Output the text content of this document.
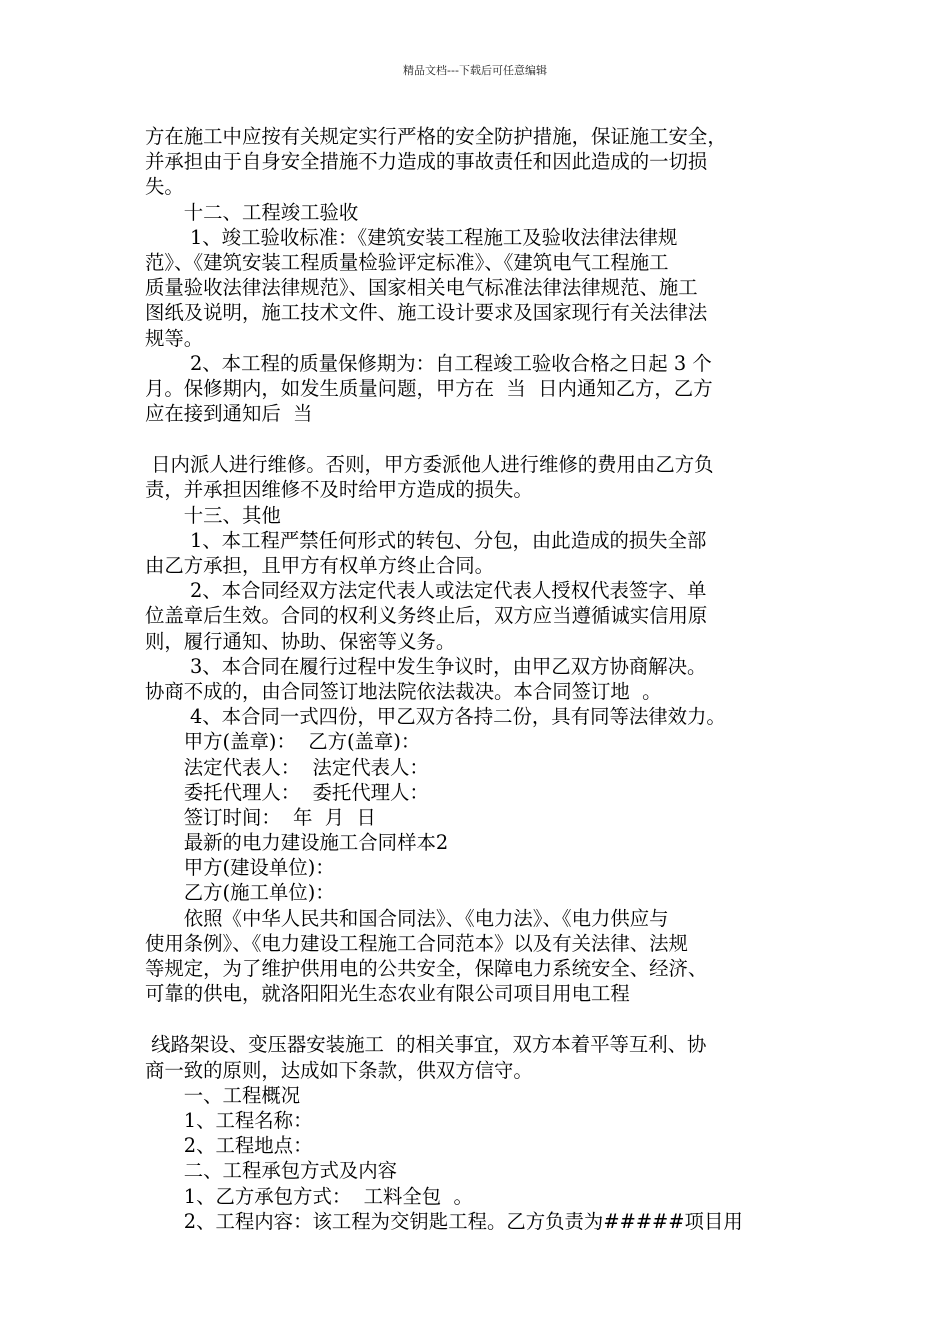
精品文档---下载后可任意编辑
方在施工中应按有关规定实行严格的安全防护措施，保证施工安全，
并承担由于自身安全措施不力造成的事故责任和因此造成的一切损
失。
　　十二、工程竣工验收
　　 1、竣工验收标准：《建筑安装工程施工及验收法律法律规
范》、《建筑安装工程质量检验评定标准》、《建筑电气工程施工
质量验收法律法律规范》、国家相关电气标准法律法律规范、施工
图纸及说明，施工技术文件、施工设计要求及国家现行有关法律法
规等。
　　 2、本工程的质量保修期为：自工程竣工验收合格之日起 3 个
月。保修期内，如发生质量问题，甲方在  当  日内通知乙方，乙方
应在接到通知后  当
日内派人进行维修。否则，甲方委派他人进行维修的费用由乙方负
责，并承担因维修不及时给甲方造成的损失。
　　十三、其他
　　 1、本工程严禁任何形式的转包、分包，由此造成的损失全部
由乙方承担，且甲方有权单方终止合同。
　　 2、本合同经双方法定代表人或法定代表人授权代表签字、单
位盖章后生效。合同的权利义务终止后，双方应当遵循诚实信用原
则，履行通知、协助、保密等义务。
　　 3、本合同在履行过程中发生争议时，由甲乙双方协商解决。
协商不成的，由合同签订地法院依法裁决。本合同签订地  。
　　 4、本合同一式四份，甲乙双方各持二份，具有同等法律效力。
　　甲方(盖章)：  乙方(盖章)：
　　法定代表人：  法定代表人：
　　委托代理人：  委托代理人：
　　签订时间：  年  月  日
　　最新的电力建设施工合同样本2
　　甲方(建设单位)：
　　乙方(施工单位)：
　　依照《中华人民共和国合同法》、《电力法》、《电力供应与
使用条例》、《电力建设工程施工合同范本》以及有关法律、法规
等规定，为了维护供用电的公共安全，保障电力系统安全、经济、
可靠的供电，就洛阳阳光生态农业有限公司项目用电工程
线路架设、变压器安装施工  的相关事宜，双方本着平等互利、协
商一致的原则，达成如下条款，供双方信守。
　　一、工程概况
　　1、工程名称：
　　2、工程地点：
　　二、工程承包方式及内容
　　1、乙方承包方式：  工料全包  。
　　2、工程内容：该工程为交钥匙工程。乙方负责为#####项目用
